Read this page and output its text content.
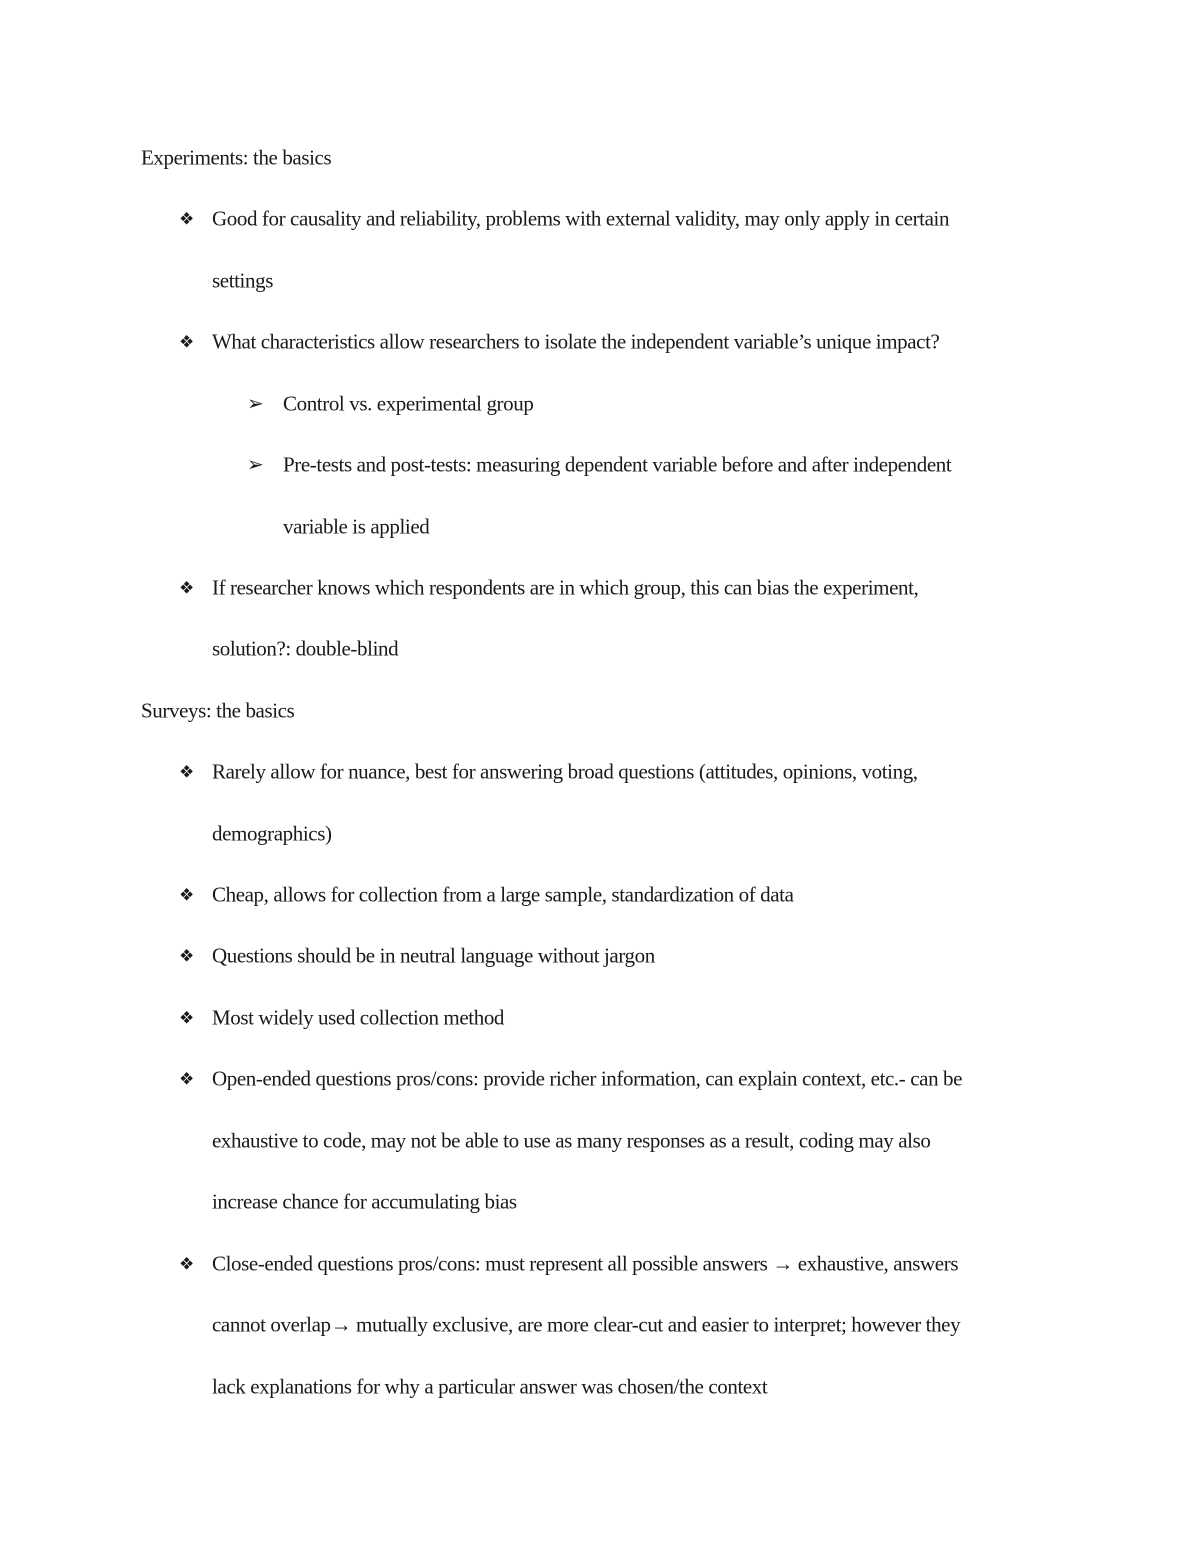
Experiments: the basics
❖ Good for causality and reliability, problems with external validity, may only apply in certain
settings
❖ What characteristics allow researchers to isolate the independent variable’s unique impact?
➢ Control vs. experimental group
➢ Pre-tests and post-tests: measuring dependent variable before and after independent
variable is applied
❖ If researcher knows which respondents are in which group, this can bias the experiment,
solution?: double-blind
Surveys: the basics
❖ Rarely allow for nuance, best for answering broad questions (attitudes, opinions, voting,
demographics)
❖ Cheap, allows for collection from a large sample, standardization of data
❖ Questions should be in neutral language without jargon
❖ Most widely used collection method
❖ Open-ended questions pros/cons: provide richer information, can explain context, etc.- can be
exhaustive to code, may not be able to use as many responses as a result, coding may also
increase chance for accumulating bias
❖ Close-ended questions pros/cons: must represent all possible answers → exhaustive, answers
cannot overlap→ mutually exclusive, are more clear-cut and easier to interpret; however they
lack explanations for why a particular answer was chosen/the context
